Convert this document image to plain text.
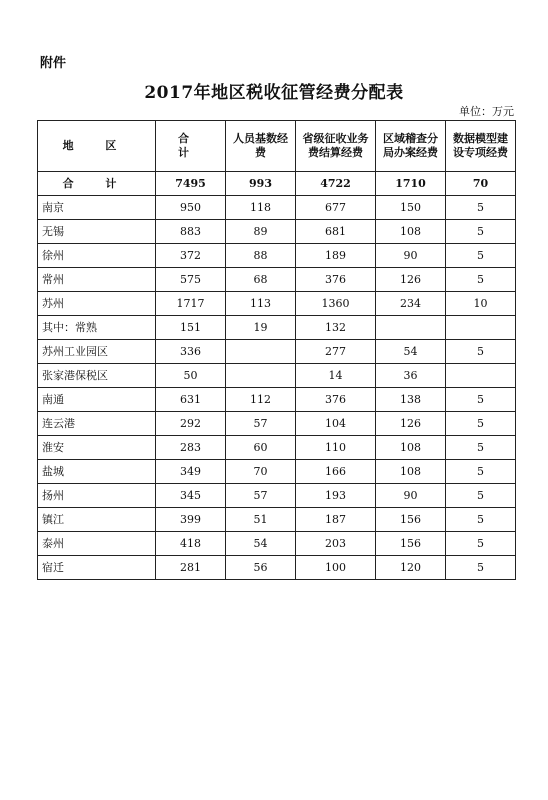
附件
2017年地区税收征管经费分配表
单位：万元
地 区	合 计	人员基数经费	省级征收业务费结算经费	区域稽查分局办案经费	数据模型建设专项经费
合 计	7495	993	4722	1710	70
南京	950	118	677	150	5
无锡	883	89	681	108	5
徐州	372	88	189	90	5
常州	575	68	376	126	5
苏州	1717	113	1360	234	10
其中：常熟	151	19	132		
苏州工业园区	336		277	54	5
张家港保税区	50		14	36	
南通	631	112	376	138	5
连云港	292	57	104	126	5
淮安	283	60	110	108	5
盐城	349	70	166	108	5
扬州	345	57	193	90	5
镇江	399	51	187	156	5
泰州	418	54	203	156	5
宿迁	281	56	100	120	5
